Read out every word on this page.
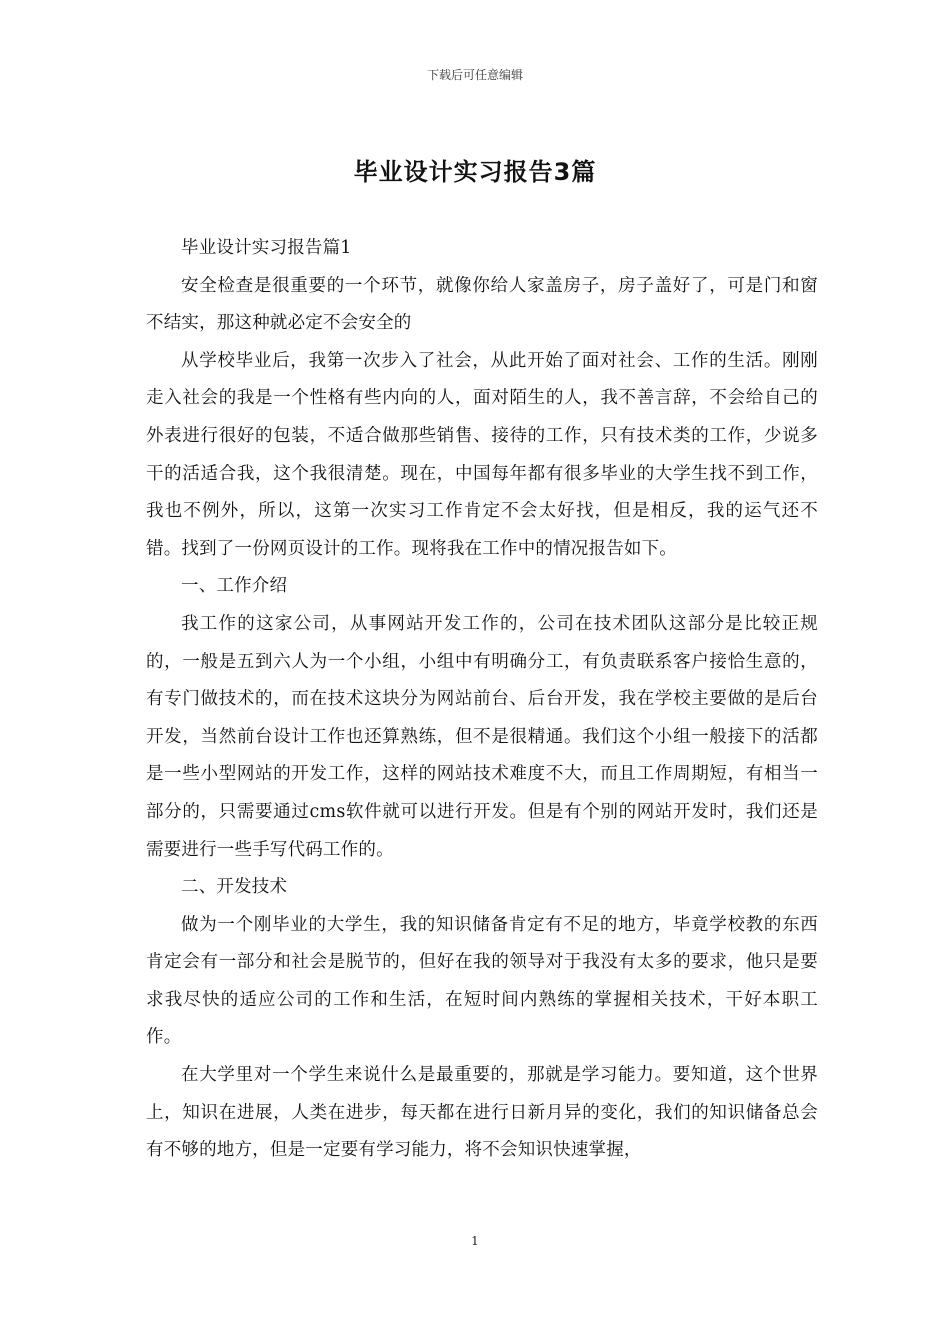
下载后可任意编辑
毕业设计实习报告3篇

毕业设计实习报告篇1

安全检查是很重要的一个环节，就像你给人家盖房子，房子盖好了，可是门和窗不结实，那这种就必定不会安全的

从学校毕业后，我第一次步入了社会，从此开始了面对社会、工作的生活。刚刚走入社会的我是一个性格有些内向的人，面对陌生的人，我不善言辞，不会给自己的外表进行很好的包装，不适合做那些销售、接待的工作，只有技术类的工作，少说多干的活适合我，这个我很清楚。现在，中国每年都有很多毕业的大学生找不到工作，我也不例外，所以，这第一次实习工作肯定不会太好找，但是相反，我的运气还不错。找到了一份网页设计的工作。现将我在工作中的情况报告如下。

一、工作介绍

我工作的这家公司，从事网站开发工作的，公司在技术团队这部分是比较正规的，一般是五到六人为一个小组，小组中有明确分工，有负责联系客户接恰生意的，有专门做技术的，而在技术这块分为网站前台、后台开发，我在学校主要做的是后台开发，当然前台设计工作也还算熟练，但不是很精通。我们这个小组一般接下的活都是一些小型网站的开发工作，这样的网站技术难度不大，而且工作周期短，有相当一部分的，只需要通过cms软件就可以进行开发。但是有个别的网站开发时，我们还是需要进行一些手写代码工作的。

二、开发技术

做为一个刚毕业的大学生，我的知识储备肯定有不足的地方，毕竟学校教的东西肯定会有一部分和社会是脱节的，但好在我的领导对于我没有太多的要求，他只是要求我尽快的适应公司的工作和生活，在短时间内熟练的掌握相关技术，干好本职工作。

在大学里对一个学生来说什么是最重要的，那就是学习能力。要知道，这个世界上，知识在进展，人类在进步，每天都在进行日新月异的变化，我们的知识储备总会有不够的地方，但是一定要有学习能力，将不会知识快速掌握，

1
